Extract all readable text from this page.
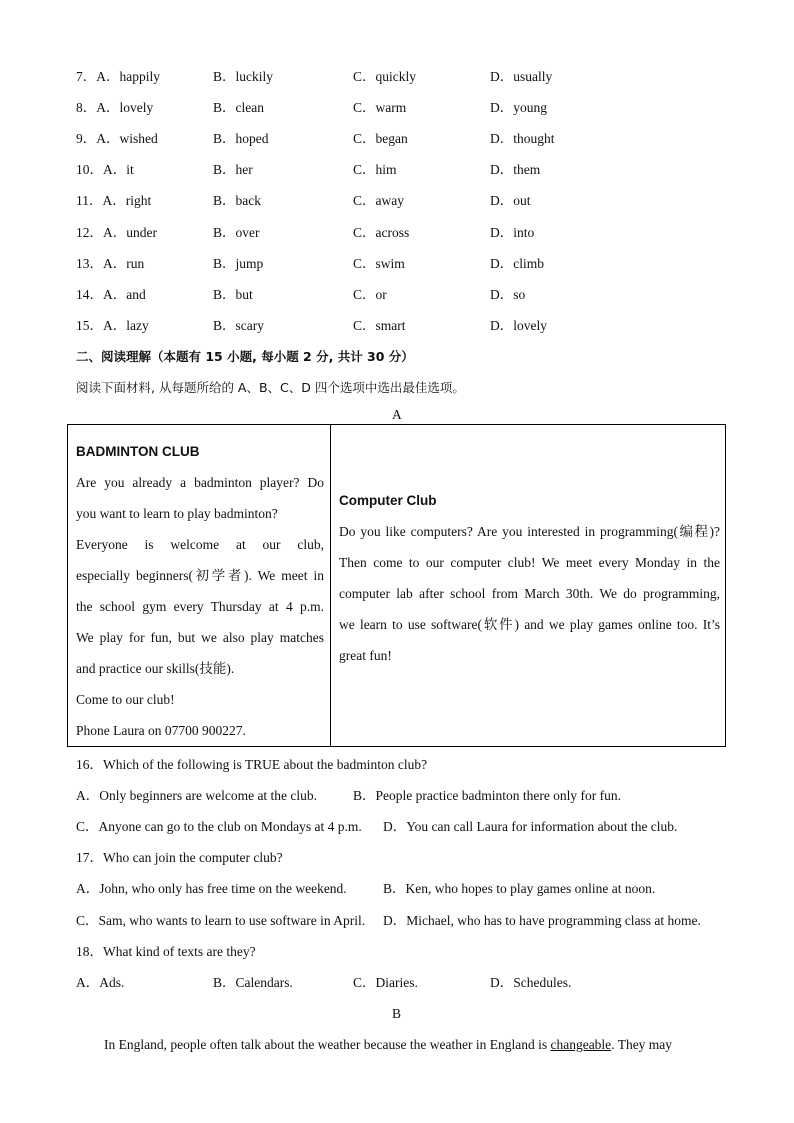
7．A．happily	B．luckily	C．quickly	D．usually
8．A．lovely	B．clean	C．warm	D．young
9．A．wished	B．hoped	C．began	D．thought
10．A．it	B．her	C．him	D．them
11．A．right	B．back	C．away	D．out
12．A．under	B．over	C．across	D．into
13．A．run	B．jump	C．swim	D．climb
14．A．and	B．but	C．or	D．so
15．A．lazy	B．scary	C．smart	D．lovely
二、阅读理解（本题有 15 小题, 每小题 2 分, 共计 30 分）
阅读下面材料, 从每题所给的 A、B、C、D 四个选项中选出最佳选项。
A

BADMINTON CLUB

Are you already a badminton player? Do

you want to learn to play badminton?

Everyone is welcome at our club,

especially beginners(初学者). We meet in

the school gym every Thursday at 4 p.m.

We play for fun, but we also play matches

and practice our skills(技能).

Come to our club!

Phone Laura on 07700 900227.

Computer Club

Do you like computers? Are you interested in programming(编程)?

Then come to our computer club! We meet every Monday in the

computer lab after school from March 30th. We do programming,

we learn to use software(软件) and we play games online too. It’s

great fun!

16．Which of the following is TRUE about the badminton club?
A．Only beginners are welcome at the club.	B．People practice badminton there only for fun.
C．Anyone can go to the club on Mondays at 4 p.m. D．You can call Laura for information about the club.
17．Who can join the computer club?
A．John, who only has free time on the weekend.	B．Ken, who hopes to play games online at noon.
C．Sam, who wants to learn to use software in April. D．Michael, who has to have programming class at home.
18．What kind of texts are they?
A．Ads.	B．Calendars.	C．Diaries.	D．Schedules.
B
In England, people often talk about the weather because the weather in England is changeable. They may
